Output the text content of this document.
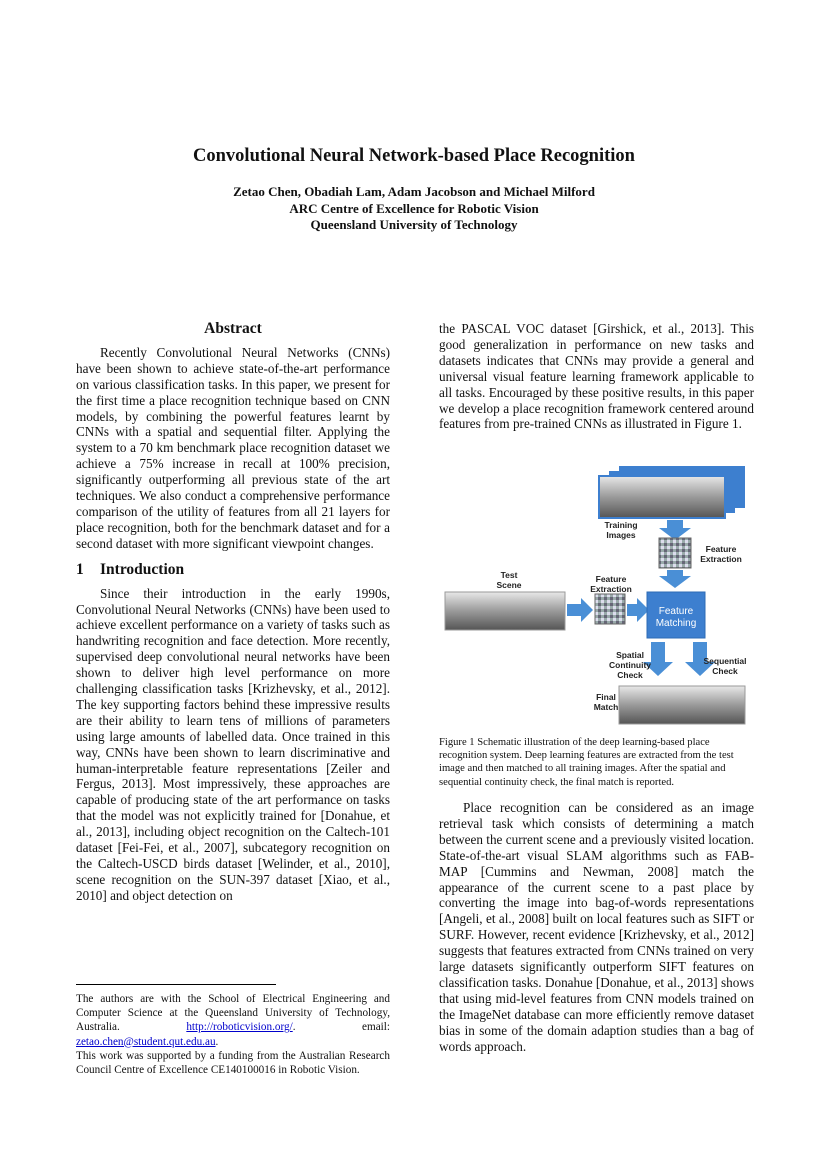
Convolutional Neural Network-based Place Recognition
Zetao Chen, Obadiah Lam, Adam Jacobson and Michael Milford
ARC Centre of Excellence for Robotic Vision
Queensland University of Technology
Abstract

Recently Convolutional Neural Networks (CNNs) have been shown to achieve state-of-the-art performance on various classification tasks. In this paper, we present for the first time a place recognition technique based on CNN models, by combining the powerful features learnt by CNNs with a spatial and sequential filter. Applying the system to a 70 km benchmark place recognition dataset we achieve a 75% increase in recall at 100% precision, significantly outperforming all previous state of the art techniques. We also conduct a comprehensive performance comparison of the utility of features from all 21 layers for place recognition, both for the benchmark dataset and for a second dataset with more significant viewpoint changes.

1 Introduction

Since their introduction in the early 1990s, Convolutional Neural Networks (CNNs) have been used to achieve excellent performance on a variety of tasks such as handwriting recognition and face detection. More recently, supervised deep convolutional neural networks have been shown to deliver high level performance on more challenging classification tasks [Krizhevsky, et al., 2012]. The key supporting factors behind these impressive results are their ability to learn tens of millions of parameters using large amounts of labelled data. Once trained in this way, CNNs have been shown to learn discriminative and human-interpretable feature representations [Zeiler and Fergus, 2013]. Most impressively, these approaches are capable of producing state of the art performance on tasks that the model was not explicitly trained for [Donahue, et al., 2013], including object recognition on the Caltech-101 dataset [Fei-Fei, et al., 2007], subcategory recognition on the Caltech-USCD birds dataset [Welinder, et al., 2010], scene recognition on the SUN-397 dataset [Xiao, et al., 2010] and object detection on

The authors are with the School of Electrical Engineering and Computer Science at the Queensland University of Technology, Australia.	http://roboticvision.org/. email: zetao.chen@student.qut.edu.au.

This work was supported by a funding from the Australian Research Council Centre of Excellence CE140100016 in Robotic Vision.

the PASCAL VOC dataset [Girshick, et al., 2013]. This good generalization in performance on new tasks and datasets indicates that CNNs may provide a general and universal visual feature learning framework applicable to all tasks. Encouraged by these positive results, in this paper we develop a place recognition framework centered around features from pre-trained CNNs as illustrated in Figure 1.

Training Images
Feature Extraction
Test Scene
Feature Extraction
Feature Matching
Spatial Continuity Check
Sequential Check
Final Match
Figure 1 Schematic illustration of the deep learning-based place recognition system. Deep learning features are extracted from the test image and then matched to all training images. After the spatial and sequential continuity check, the final match is reported.

Place recognition can be considered as an image retrieval task which consists of determining a match between the current scene and a previously visited location. State-of-the-art visual SLAM algorithms such as FAB-MAP [Cummins and Newman, 2008] match the appearance of the current scene to a past place by converting the image into bag-of-words representations [Angeli, et al., 2008] built on local features such as SIFT or SURF. However, recent evidence [Krizhevsky, et al., 2012] suggests that features extracted from CNNs trained on very large datasets significantly outperform SIFT features on classification tasks. Donahue [Donahue, et al., 2013] shows that using mid-level features from CNN models trained on the ImageNet database can more efficiently remove dataset bias in some of the domain adaption studies than a bag of words approach.
